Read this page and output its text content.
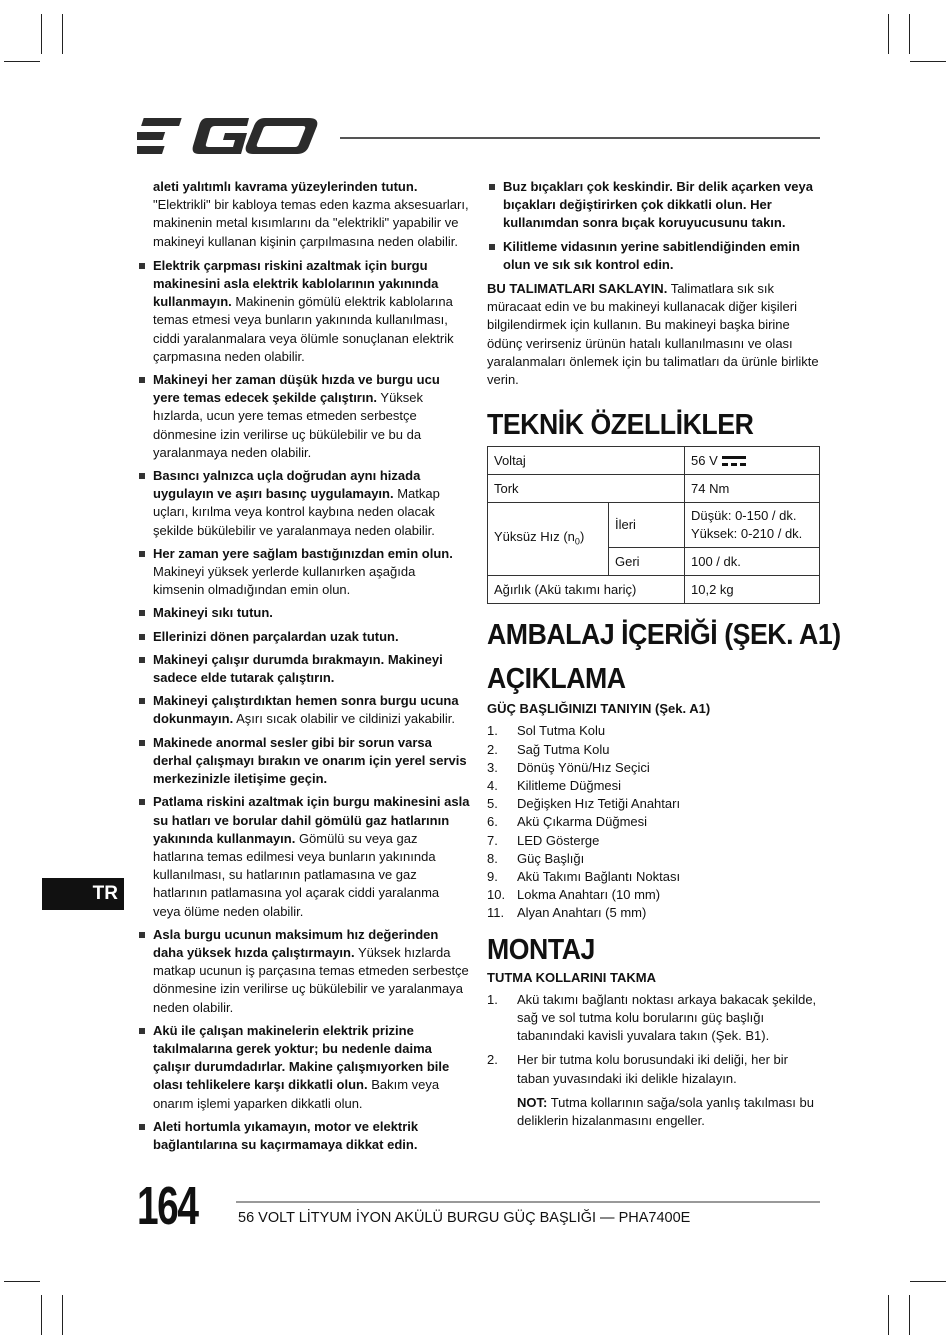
aleti yalıtımlı kavrama yüzeylerinden tutun. "Elektrikli" bir kabloya temas eden kazma aksesuarları, makinenin metal kısımlarını da "elektrikli" yapabilir ve makineyi kullanan kişinin çarpılmasına neden olabilir.
Elektrik çarpması riskini azaltmak için burgu makinesini asla elektrik kablolarının yakınında kullanmayın. Makinenin gömülü elektrik kablolarına temas etmesi veya bunların yakınında kullanılması, ciddi yaralanmalara veya ölümle sonuçlanan elektrik çarpmasına neden olabilir.
Makineyi her zaman düşük hızda ve burgu ucu yere temas edecek şekilde çalıştırın. Yüksek hızlarda, ucun yere temas etmeden serbestçe dönmesine izin verilirse uç bükülebilir ve bu da yaralanmaya neden olabilir.
Basıncı yalnızca uçla doğrudan aynı hizada uygulayın ve aşırı basınç uygulamayın. Matkap uçları, kırılma veya kontrol kaybına neden olacak şekilde bükülebilir ve yaralanmaya neden olabilir.
Her zaman yere sağlam bastığınızdan emin olun. Makineyi yüksek yerlerde kullanırken aşağıda kimsenin olmadığından emin olun.
Makineyi sıkı tutun.
Ellerinizi dönen parçalardan uzak tutun.
Makineyi çalışır durumda bırakmayın. Makineyi sadece elde tutarak çalıştırın.
Makineyi çalıştırdıktan hemen sonra burgu ucuna dokunmayın. Aşırı sıcak olabilir ve cildinizi yakabilir.
Makinede anormal sesler gibi bir sorun varsa derhal çalışmayı bırakın ve onarım için yerel servis merkezinizle iletişime geçin.
Patlama riskini azaltmak için burgu makinesini asla su hatları ve borular dahil gömülü gaz hatlarının yakınında kullanmayın. Gömülü su veya gaz hatlarına temas edilmesi veya bunların yakınında kullanılması, su hatlarının patlamasına ve gaz hatlarının patlamasına yol açarak ciddi yaralanma veya ölüme neden olabilir.
Asla burgu ucunun maksimum hız değerinden daha yüksek hızda çalıştırmayın. Yüksek hızlarda matkap ucunun iş parçasına temas etmeden serbestçe dönmesine izin verilirse uç bükülebilir ve yaralanmaya neden olabilir.
Akü ile çalışan makinelerin elektrik prizine takılmalarına gerek yoktur; bu nedenle daima çalışır durumdadırlar. Makine çalışmıyorken bile olası tehlikelere karşı dikkatli olun. Bakım veya onarım işlemi yaparken dikkatli olun.
Aleti hortumla yıkamayın, motor ve elektrik bağlantılarına su kaçırmamaya dikkat edin.
Buz bıçakları çok keskindir. Bir delik açarken veya bıçakları değiştirirken çok dikkatli olun. Her kullanımdan sonra bıçak koruyucusunu takın.
Kilitleme vidasının yerine sabitlendiğinden emin olun ve sık sık kontrol edin.

BU TALIMATLARI SAKLAYIN. Talimatlara sık sık müracaat edin ve bu makineyi kullanacak diğer kişileri bilgilendirmek için kullanın. Bu makineyi başka birine ödünç verirseniz ürünün hatalı kullanılmasını ve olası yaralanmaları önlemek için bu talimatları da ürünle birlikte verin.

TEKNİK ÖZELLİKLER
Voltaj		56 V
Tork		74 Nm
Yüksüz Hız $(n_0)$	İleri	Düşük: 0-150 / dk.
Yüksek: 0-210 / dk.

	Geri	100 / dk.
Ağırlık (Akü takımı hariç)		10,2 kg
AMBALAJ İÇERİĞİ (ŞEK. A1)
AÇIKLAMA
GÜÇ BAŞLIĞINIZI TANIYIN (Şek. A1)
1. Sol Tutma Kolu
2. Sağ Tutma Kolu
3. Dönüş Yönü/Hız Seçici
4. Kilitleme Düğmesi
5. Değişken Hız Tetiği Anahtarı
6. Akü Çıkarma Düğmesi
7. LED Gösterge
8. Güç Başlığı
9. Akü Takımı Bağlantı Noktası
10. Lokma Anahtarı (10 mm)
11. Alyan Anahtarı (5 mm)
MONTAJ
TUTMA KOLLARINI TAKMA
1. Akü takımı bağlantı noktası arkaya bakacak şekilde, sağ ve sol tutma kolu borularını güç başlığı tabanındaki kavisli yuvalara takın (Şek. B1).
2. Her bir tutma kolu borusundaki iki deliği, her bir taban yuvasındaki iki delikle hizalayın.

NOT: Tutma kollarının sağa/sola yanlış takılması bu deliklerin hizalanmasını engeller.

TR
164	56 VOLT LİTYUM İYON AKÜLÜ BURGU GÜÇ BAŞLIĞI — PHA7400E
